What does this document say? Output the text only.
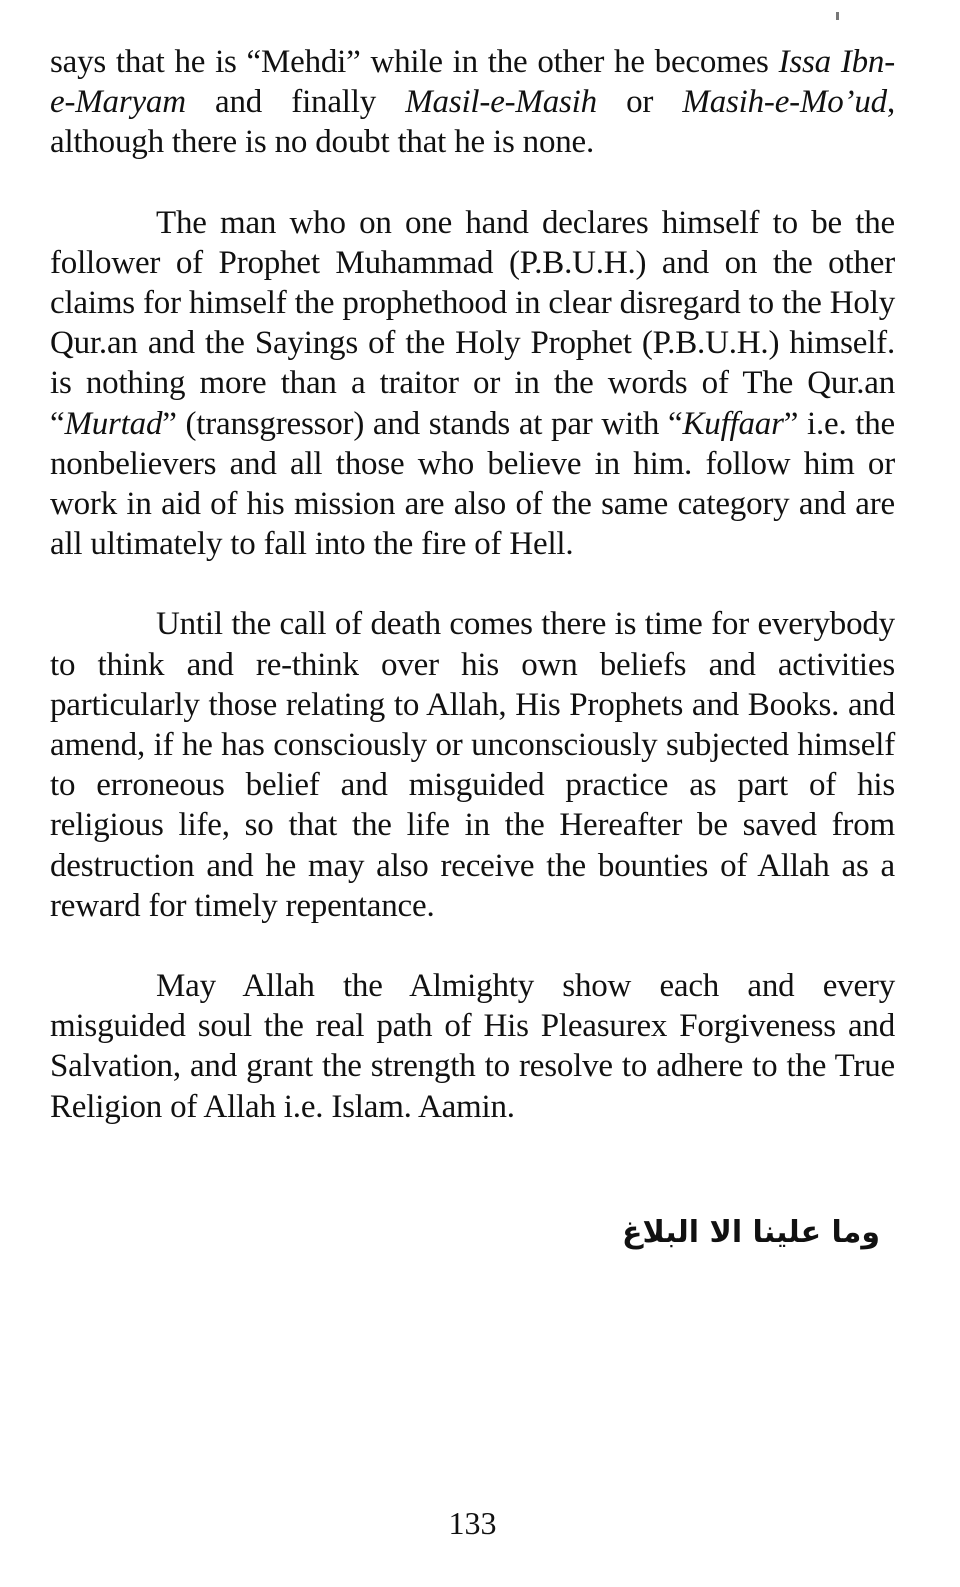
says that he is “Mehdi” while in the other he becomes Issa Ibn-e-Maryam and finally Masil-e-Masih or Masih-e-Mo’ud, although there is no doubt that he is none.

The man who on one hand declares himself to be the follower of Prophet Muhammad (P.B.U.H.) and on the other claims for himself the prophethood in clear disregard to the Holy Qur.an and the Sayings of the Holy Prophet (P.B.U.H.) himself. is nothing more than a traitor or in the words of The Qur.an “Murtad” (transgressor) and stands at par with “Kuffaar” i.e. the nonbelievers and all those who believe in him. follow him or work in aid of his mission are also of the same category and are all ultimately to fall into the fire of Hell.

Until the call of death comes there is time for everybody to think and re-think over his own beliefs and activities particularly those relating to Allah, His Prophets and Books. and amend, if he has consciously or unconsciously subjected himself to erroneous belief and misguided practice as part of his religious life, so that the life in the Hereafter be saved from destruction and he may also receive the bounties of Allah as a reward for timely repentance.

May Allah the Almighty show each and every misguided soul the real path of His Pleasurex Forgiveness and Salvation, and grant the strength to resolve to adhere to the True Religion of Allah i.e. Islam. Aamin.

وما علينا الا البلاغ
133
